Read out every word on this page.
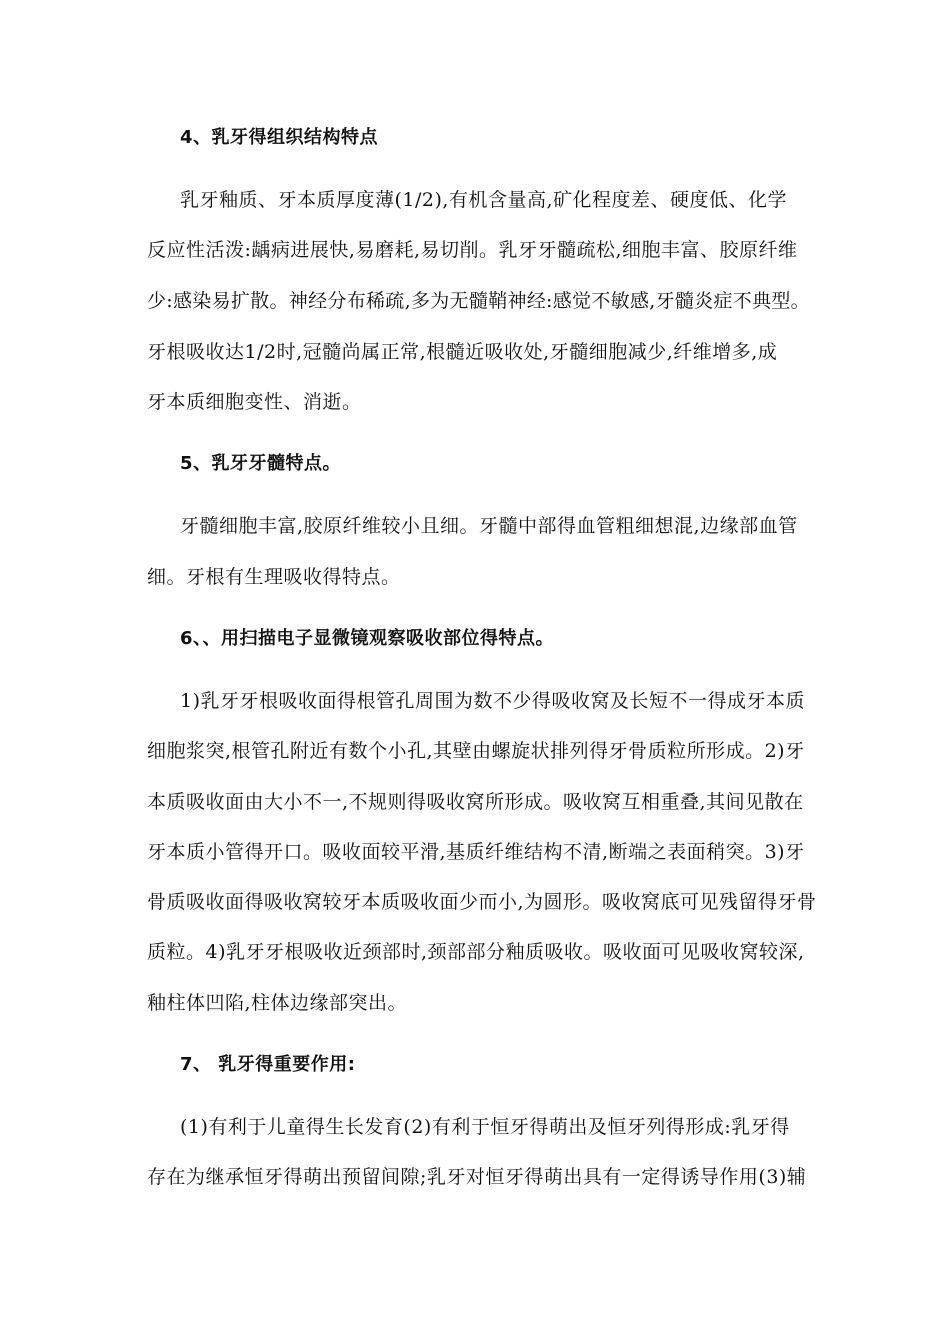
4、乳牙得组织结构特点
乳牙釉质、牙本质厚度薄(1/2),有机含量高,矿化程度差、硬度低、化学
反应性活泼:龋病进展快,易磨耗,易切削。乳牙牙髓疏松,细胞丰富、胶原纤维
少:感染易扩散。神经分布稀疏,多为无髓鞘神经:感觉不敏感,牙髓炎症不典型。
牙根吸收达1/2时,冠髓尚属正常,根髓近吸收处,牙髓细胞减少,纤维增多,成
牙本质细胞变性、消逝。
5、乳牙牙髓特点。
牙髓细胞丰富,胶原纤维较小且细。牙髓中部得血管粗细想混,边缘部血管
细。牙根有生理吸收得特点。
6、、用扫描电子显微镜观察吸收部位得特点。
1)乳牙牙根吸收面得根管孔周围为数不少得吸收窝及长短不一得成牙本质
细胞浆突,根管孔附近有数个小孔,其壁由螺旋状排列得牙骨质粒所形成。2)牙
本质吸收面由大小不一,不规则得吸收窝所形成。吸收窝互相重叠,其间见散在
牙本质小管得开口。吸收面较平滑,基质纤维结构不清,断端之表面稍突。3)牙
骨质吸收面得吸收窝较牙本质吸收面少而小,为圆形。吸收窝底可见残留得牙骨
质粒。4)乳牙牙根吸收近颈部时,颈部部分釉质吸收。吸收面可见吸收窝较深,
釉柱体凹陷,柱体边缘部突出。
7、 乳牙得重要作用:
(1)有利于儿童得生长发育(2)有利于恒牙得萌出及恒牙列得形成:乳牙得
存在为继承恒牙得萌出预留间隙;乳牙对恒牙得萌出具有一定得诱导作用(3)辅
